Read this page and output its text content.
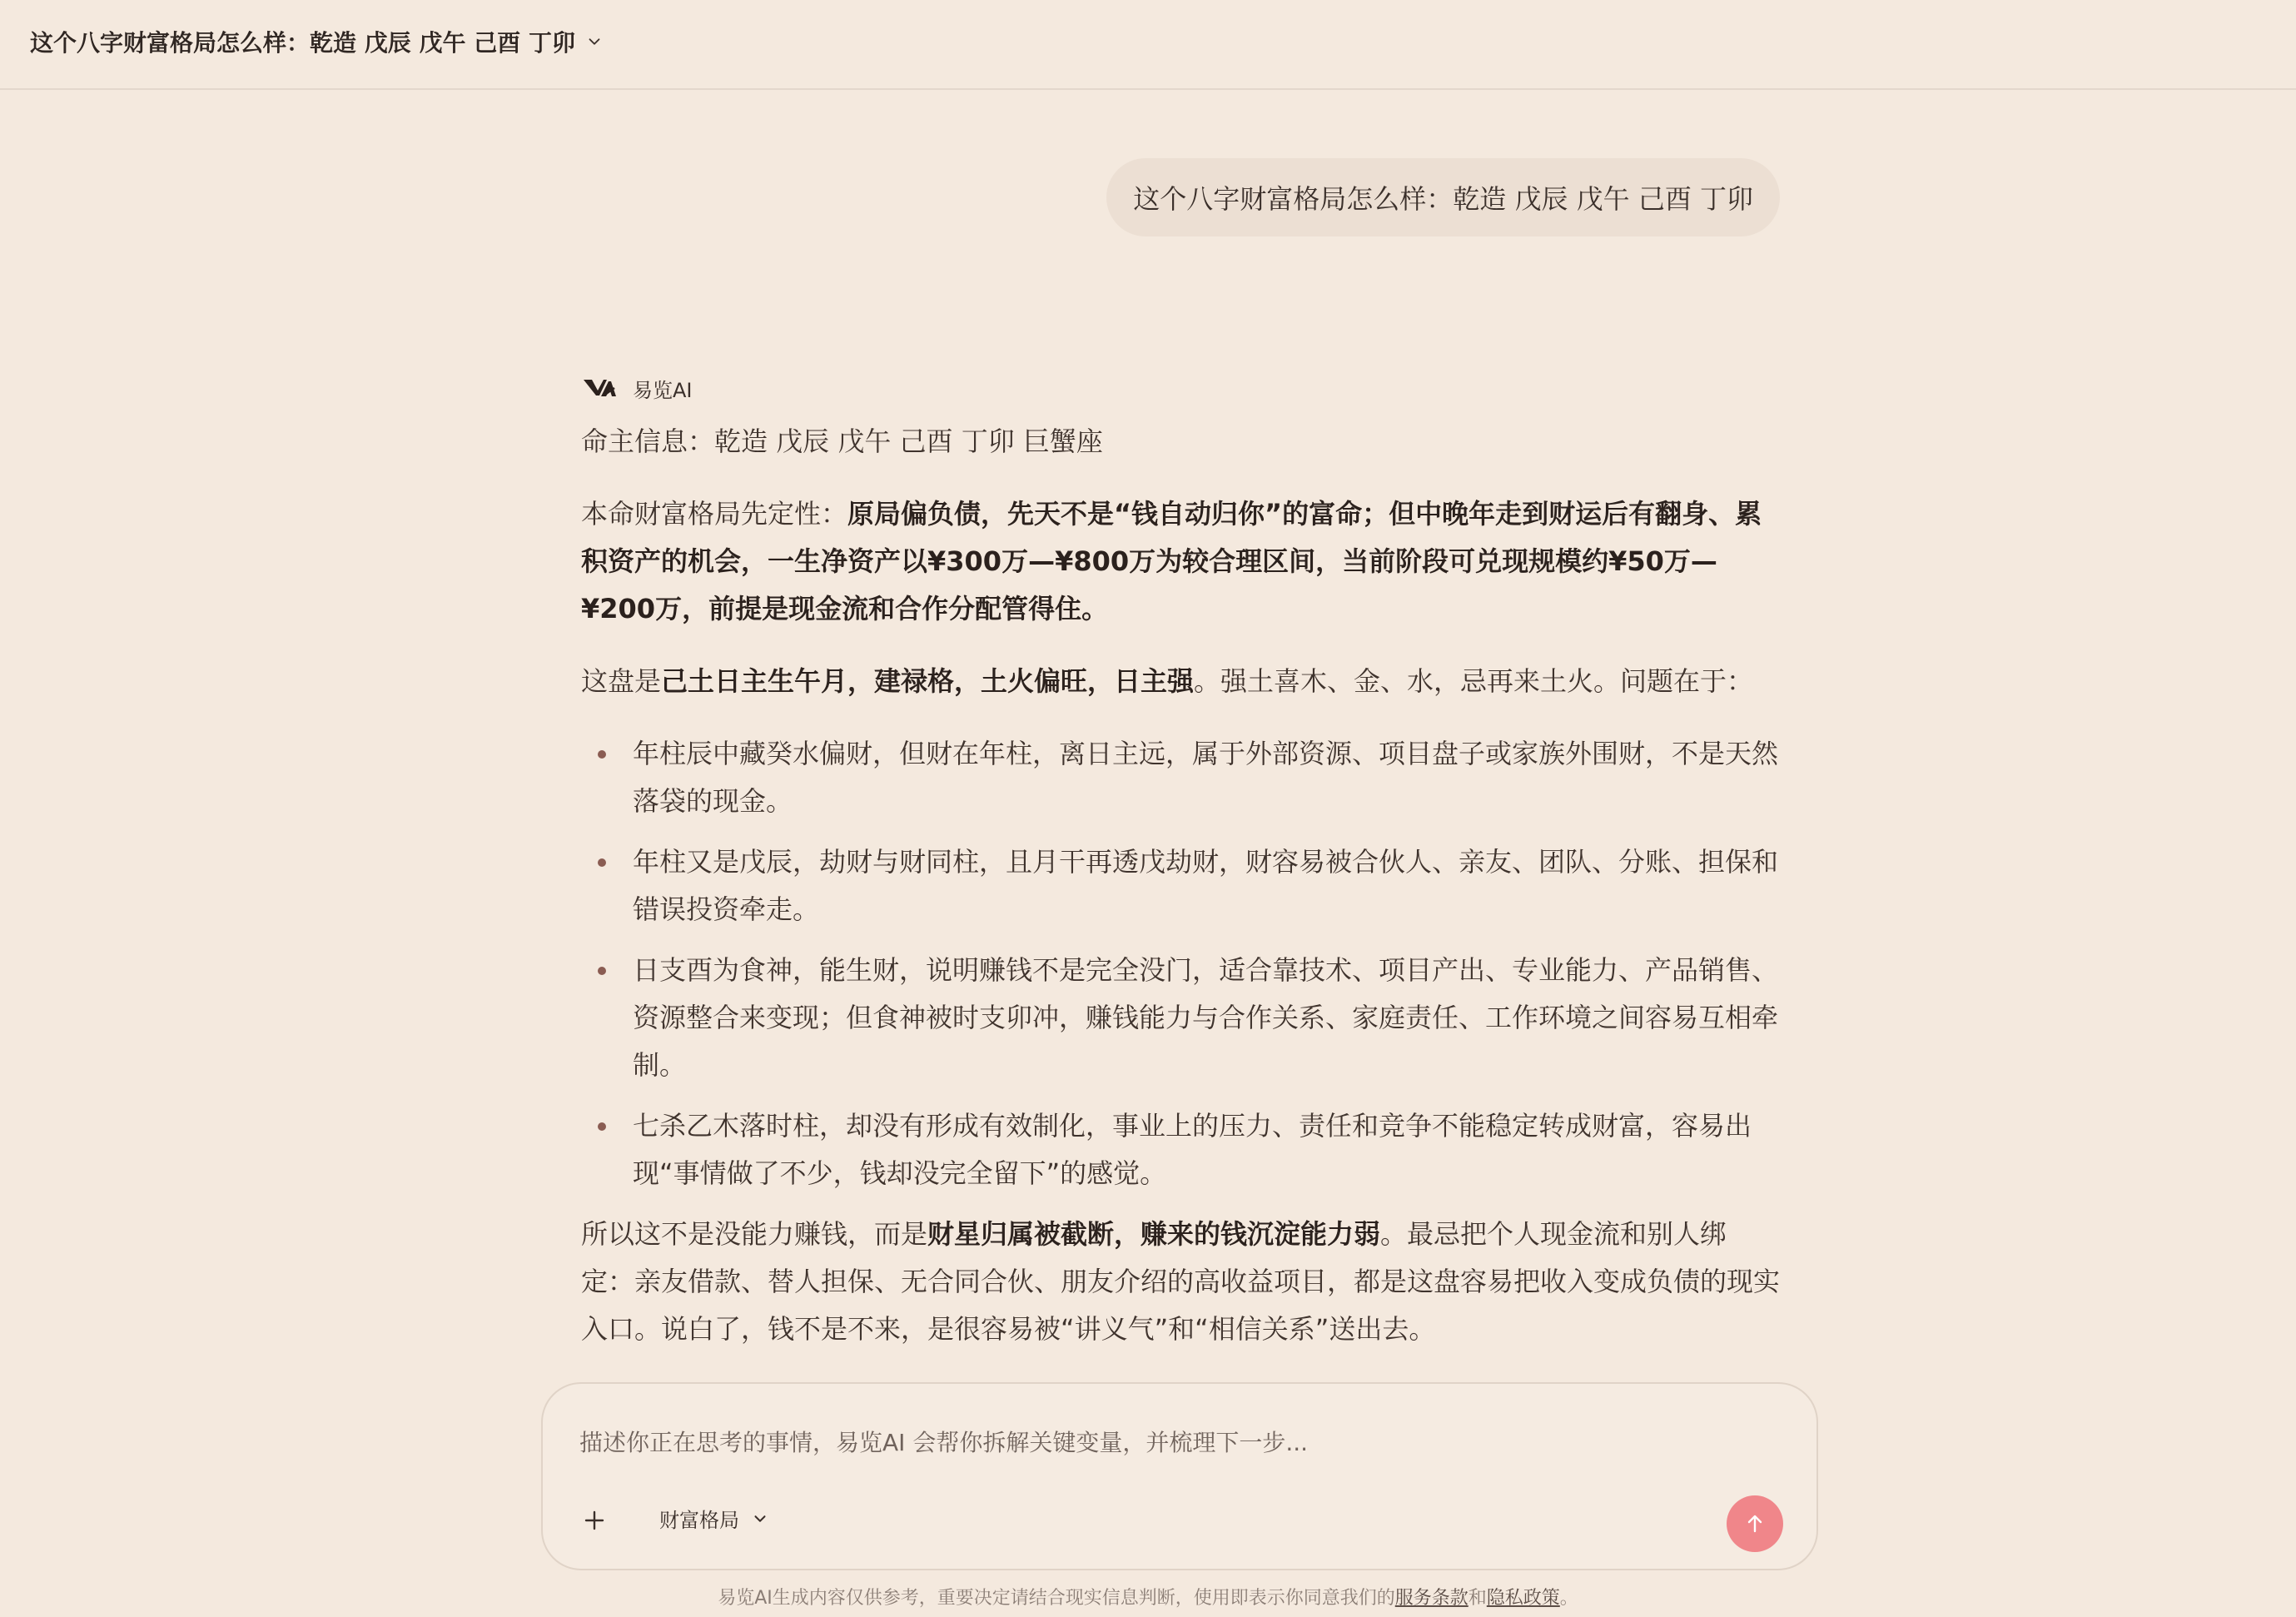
这个八字财富格局怎么样：乾造 戊辰 戊午 己酉 丁卯
这个八字财富格局怎么样：乾造 戊辰 戊午 己酉 丁卯
易览AI

命主信息：乾造 戊辰 戊午 己酉 丁卯 巨蟹座

本命财富格局先定性：原局偏负债，先天不是“钱自动归你”的富命；但中晚年走到财运后有翻身、累积资产的机会，一生净资产以¥300万—¥800万为较合理区间，当前阶段可兑现规模约¥50万—¥200万，前提是现金流和合作分配管得住。

这盘是己土日主生午月，建禄格，土火偏旺，日主强。强土喜木、金、水，忌再来土火。问题在于：

年柱辰中藏癸水偏财，但财在年柱，离日主远，属于外部资源、项目盘子或家族外围财，不是天然落袋的现金。
年柱又是戊辰，劫财与财同柱，且月干再透戊劫财，财容易被合伙人、亲友、团队、分账、担保和错误投资牵走。
日支酉为食神，能生财，说明赚钱不是完全没门，适合靠技术、项目产出、专业能力、产品销售、资源整合来变现；但食神被时支卯冲，赚钱能力与合作关系、家庭责任、工作环境之间容易互相牵制。
七杀乙木落时柱，却没有形成有效制化，事业上的压力、责任和竞争不能稳定转成财富，容易出现“事情做了不少，钱却没完全留下”的感觉。

所以这不是没能力赚钱，而是财星归属被截断，赚来的钱沉淀能力弱。最忌把个人现金流和别人绑定：亲友借款、替人担保、无合同合伙、朋友介绍的高收益项目，都是这盘容易把收入变成负债的现实入口。说白了，钱不是不来，是很容易被“讲义气”和“相信关系”送出去。

描述你正在思考的事情，易览AI 会帮你拆解关键变量，并梳理下一步...
财富格局
易览AI生成内容仅供参考，重要决定请结合现实信息判断，使用即表示你同意我们的服务条款和隐私政策。
